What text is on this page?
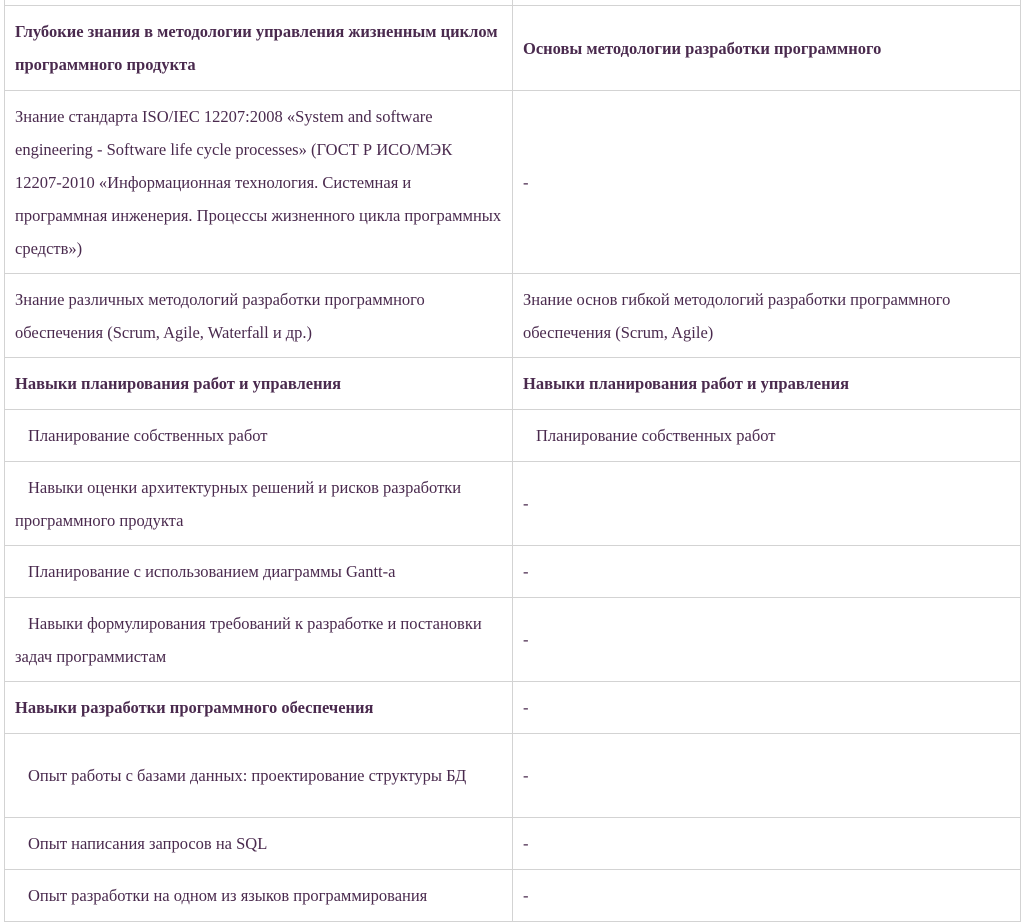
Глубокие знания в методологии управления жизненным циклом программного продукта	Основы методологии разработки программного
Знание стандарта ISO/IEC 12207:2008 «System and software engineering - Software life cycle processes» (ГОСТ Р ИСО/МЭК 12207-2010 «Информационная технология. Системная и программная инженерия. Процессы жизненного цикла программных средств»)	-
Знание различных методологий разработки программного обеспечения (Scrum, Agile, Waterfall и др.)	Знание основ гибкой методологий разработки программного обеспечения (Scrum, Agile)
Навыки планирования работ и управления	Навыки планирования работ и управления
Планирование собственных работ	Планирование собственных работ
Навыки оценки архитектурных решений и рисков разработки программного продукта	-
Планирование с использованием диаграммы Gantt-а	-
Навыки формулирования требований к разработке и постановки задач программистам	-
Навыки разработки программного обеспечения	-
Опыт работы с базами данных: проектирование структуры БД	-
Опыт написания запросов на SQL	-
Опыт разработки на одном из языков программирования	-
